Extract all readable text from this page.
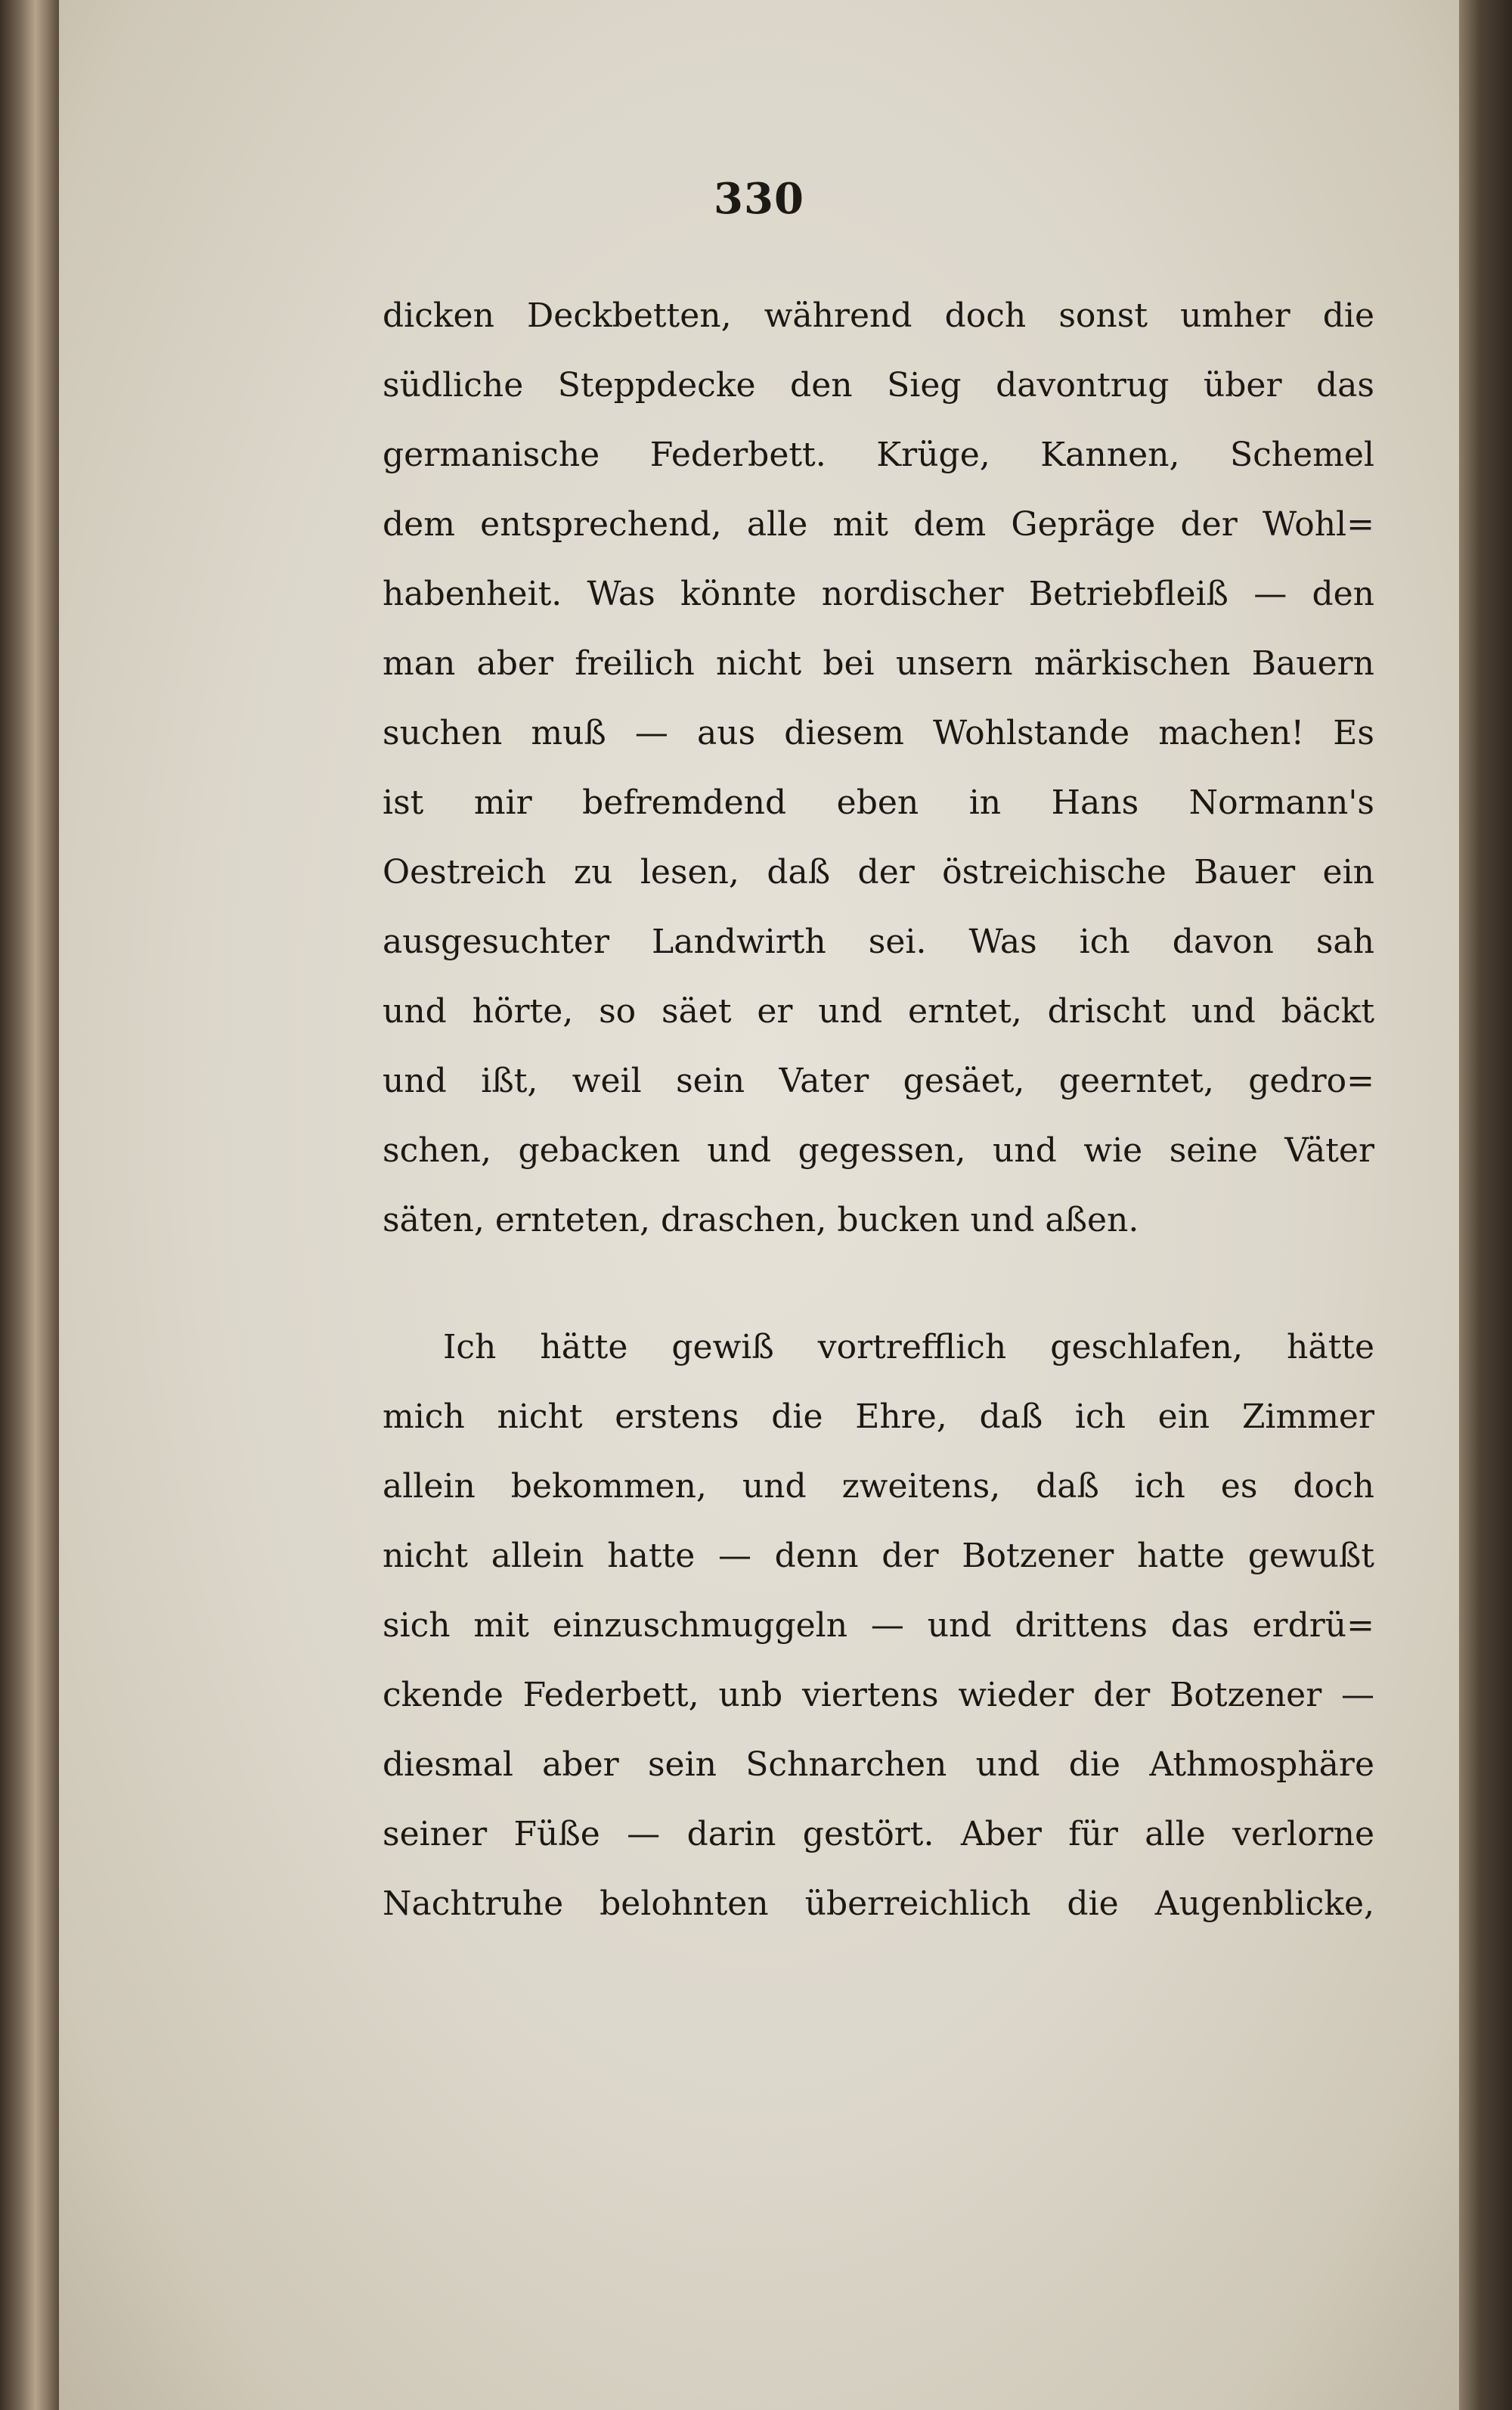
330
dicken Deckbetten, während doch sonst umher die
südliche Steppdecke den Sieg davontrug über das
germanische Federbett. Krüge, Kannen, Schemel
dem entsprechend, alle mit dem Gepräge der Wohl=
habenheit. Was könnte nordischer Betriebfleiß — den
man aber freilich nicht bei unsern märkischen Bauern
suchen muß — aus diesem Wohlstande machen! Es
ist mir befremdend eben in Hans Normann's
Oestreich zu lesen, daß der östreichische Bauer ein
ausgesuchter Landwirth sei. Was ich davon sah
und hörte, so säet er und erntet, drischt und bäckt
und ißt, weil sein Vater gesäet, geerntet, gedro=
schen, gebacken und gegessen, und wie seine Väter
säten, ernteten, draschen, bucken und aßen.
Ich hätte gewiß vortrefflich geschlafen, hätte
mich nicht erstens die Ehre, daß ich ein Zimmer
allein bekommen, und zweitens, daß ich es doch
nicht allein hatte — denn der Botzener hatte gewußt
sich mit einzuschmuggeln — und drittens das erdrü=
ckende Federbett, unb viertens wieder der Botzener —
diesmal aber sein Schnarchen und die Athmosphäre
seiner Füße — darin gestört. Aber für alle verlorne
Nachtruhe belohnten überreichlich die Augenblicke,
